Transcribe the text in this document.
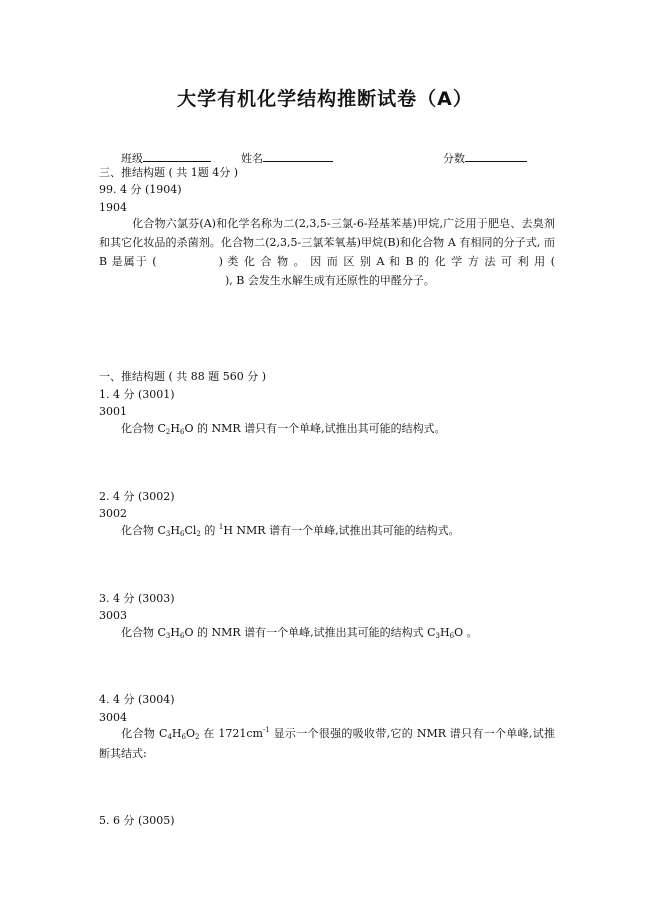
大学有机化学结构推断试卷（A）
班级	姓名	分数
三、推结构题 ( 共 1题 4分 )
99. 4 分 (1904)
1904
化合物六氯芬(A)和化学名称为二(2,3,5-三氯-6-羟基苯基)甲烷,广泛用于肥皂、去臭剂和其它化妆品的杀菌剂。化合物二(2,3,5-三氯苯氧基)甲烷(B)和化合物 A 有相同的分子式, 而 B 是属于 (	) 类 化 合 物 。 因 而 区 别 A 和 B 的 化 学 方 法 可 利 用 (), B 会发生水解生成有还原性的甲醛分子。
一、推结构题 ( 共 88 题 560 分 )
1. 4 分 (3001)
3001
化合物 $C_2H_6O$ 的 NMR 谱只有一个单峰,试推出其可能的结构式。
2. 4 分 (3002)
3002
化合物 $C_3H_6Cl_2$ 的 $^1$H NMR 谱有一个单峰,试推出其可能的结构式。
3. 4 分 (3003)
3003
化合物 $C_3H_6O$ 的 NMR 谱有一个单峰,试推出其可能的结构式 $C_3H_6O$ 。
4. 4 分 (3004)
3004
化合物 $C_4H_6O_2$ 在 $1721cm^{-1}$ 显示一个很强的吸收带,它的 NMR 谱只有一个单峰,试推断其结式:
5. 6 分 (3005)
